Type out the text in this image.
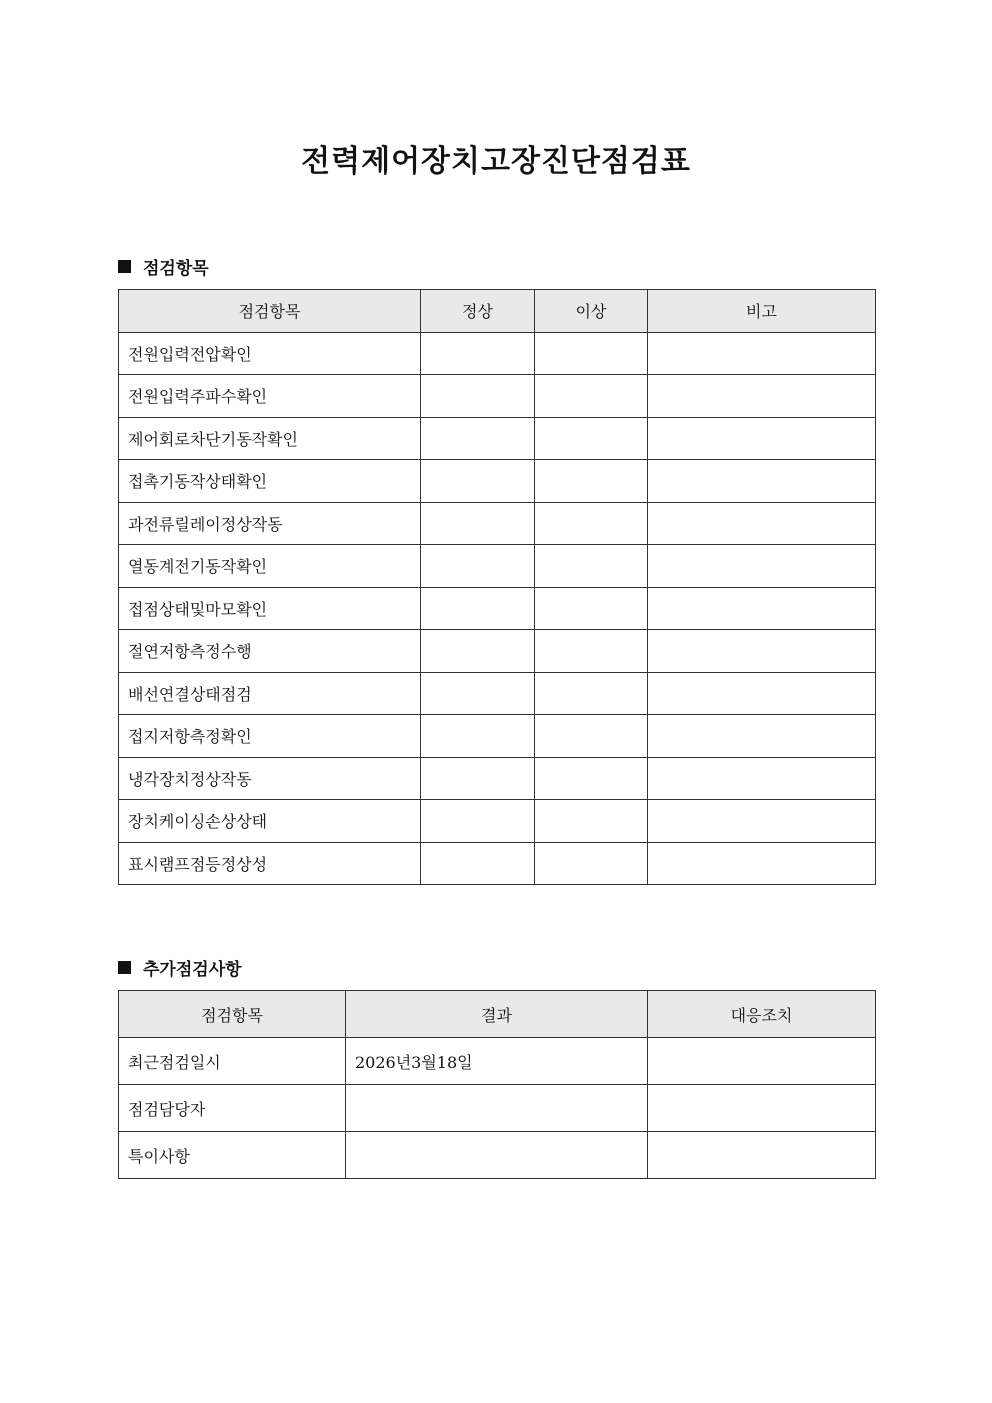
전력제어장치고장진단점검표
점검항목
점검항목	정상	이상	비고
전원입력전압확인			
전원입력주파수확인			
제어회로차단기동작확인			
접촉기동작상태확인			
과전류릴레이정상작동			
열동계전기동작확인			
접점상태및마모확인			
절연저항측정수행			
배선연결상태점검			
접지저항측정확인			
냉각장치정상작동			
장치케이싱손상상태			
표시램프점등정상성			
추가점검사항
점검항목	결과	대응조치
최근점검일시	2026년3월18일	
점검담당자		
특이사항		
